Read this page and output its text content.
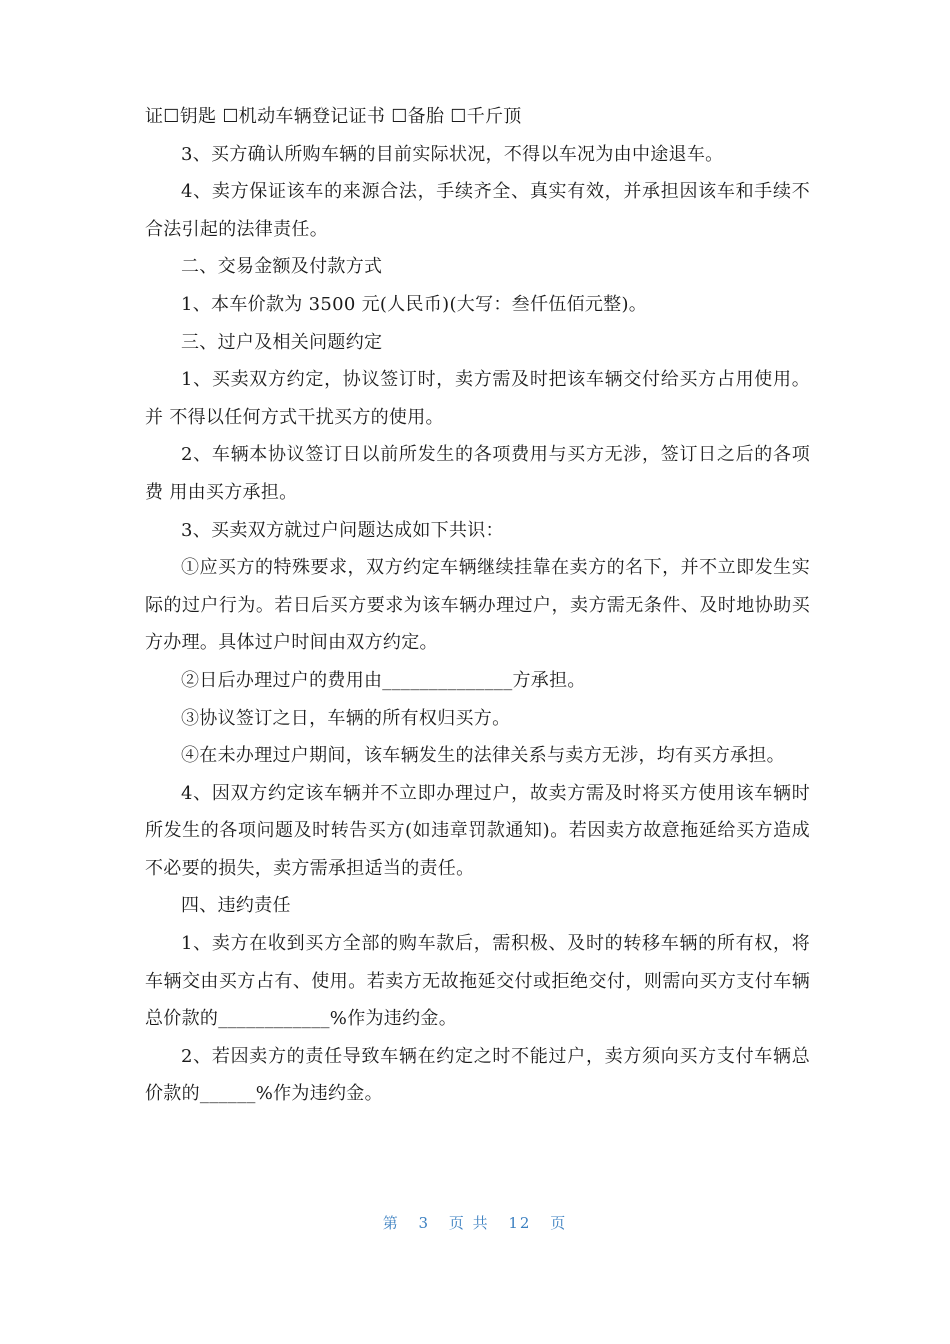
证☐钥匙 ☐机动车辆登记证书 ☐备胎 ☐千斤顶

3、买方确认所购车辆的目前实际状况，不得以车况为由中途退车。

4、卖方保证该车的来源合法，手续齐全、真实有效，并承担因该车和手续不合法引起的法律责任。

二、交易金额及付款方式

1、本车价款为 3500 元(人民币)(大写：叁仟伍佰元整)。

三、过户及相关问题约定

1、买卖双方约定，协议签订时，卖方需及时把该车辆交付给买方占用使用。并 不得以任何方式干扰买方的使用。

2、车辆本协议签订日以前所发生的各项费用与买方无涉，签订日之后的各项费 用由买方承担。

3、买卖双方就过户问题达成如下共识：

①应买方的特殊要求，双方约定车辆继续挂靠在卖方的名下，并不立即发生实际的过户行为。若日后买方要求为该车辆办理过户，卖方需无条件、及时地协助买方办理。具体过户时间由双方约定。

②日后办理过户的费用由______________方承担。

③协议签订之日，车辆的所有权归买方。

④在未办理过户期间，该车辆发生的法律关系与卖方无涉，均有买方承担。

4、因双方约定该车辆并不立即办理过户，故卖方需及时将买方使用该车辆时所发生的各项问题及时转告买方(如违章罚款通知)。若因卖方故意拖延给买方造成不必要的损失，卖方需承担适当的责任。

四、违约责任

1、卖方在收到买方全部的购车款后，需积极、及时的转移车辆的所有权，将车辆交由买方占有、使用。若卖方无故拖延交付或拒绝交付，则需向买方支付车辆总价款的____________%作为违约金。

2、若因卖方的责任导致车辆在约定之时不能过户，卖方须向买方支付车辆总价款的______%作为违约金。

第 3 页 共 12 页
